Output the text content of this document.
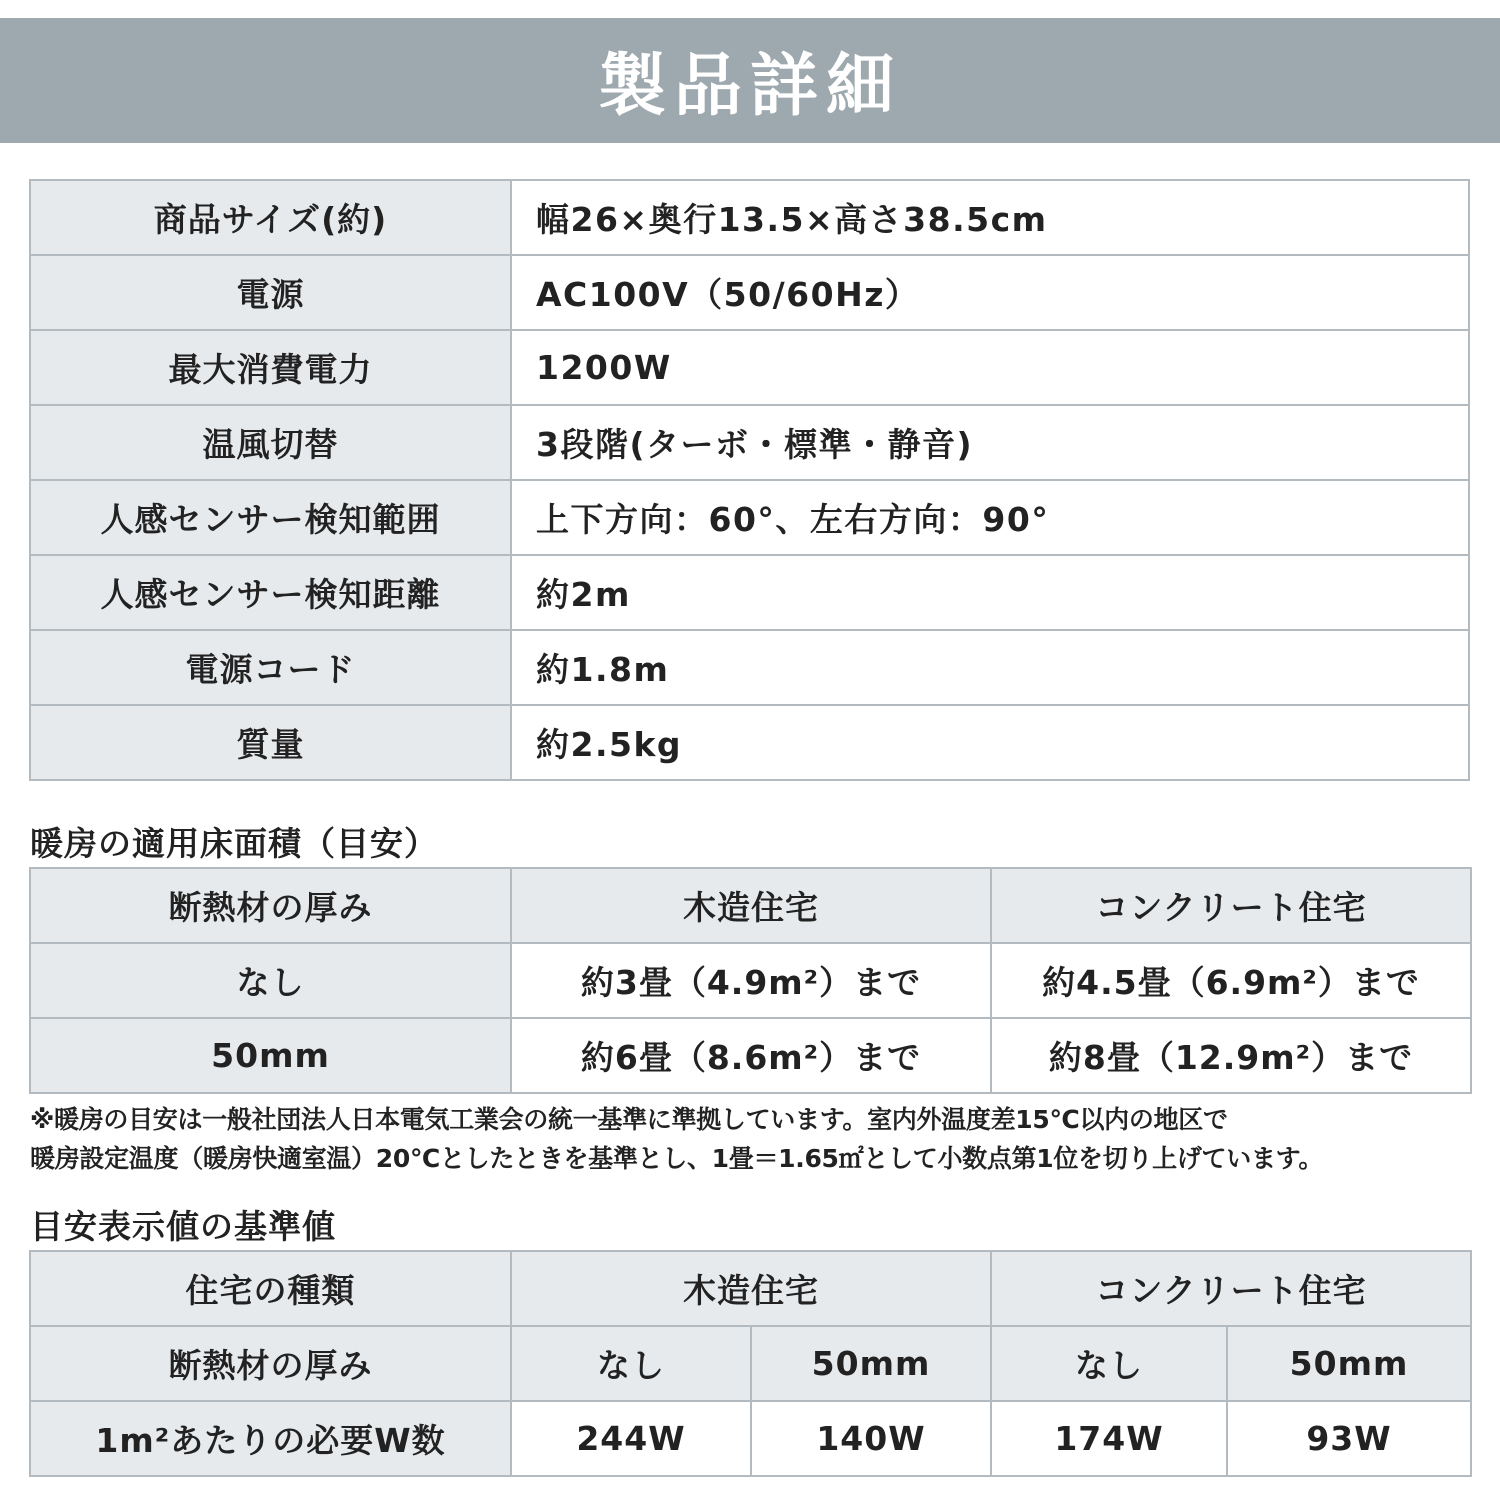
製品詳細
商品サイズ(約)	幅26×奥行13.5×高さ38.5cm
電源	AC100V（50/60Hz）
最大消費電力	1200W
温風切替	3段階(ターボ・標準・静音)
人感センサー検知範囲	上下方向：60°、左右方向：90°
人感センサー検知距離	約2m
電源コード	約1.8m
質量	約2.5kg
暖房の適用床面積（目安）
断熱材の厚み	木造住宅	コンクリート住宅
なし	約3畳（4.9m²）まで	約4.5畳（6.9m²）まで
50mm	約6畳（8.6m²）まで	約8畳（12.9m²）まで
※暖房の目安は一般社団法人日本電気工業会の統一基準に準拠しています。室内外温度差15℃以内の地区で
暖房設定温度（暖房快適室温）20℃としたときを基準とし、1畳＝1.65㎡として小数点第1位を切り上げています。
目安表示値の基準値
住宅の種類	木造住宅		コンクリート住宅	
断熱材の厚み	なし	50mm	なし	50mm
1m²あたりの必要W数	244W	140W	174W	93W
